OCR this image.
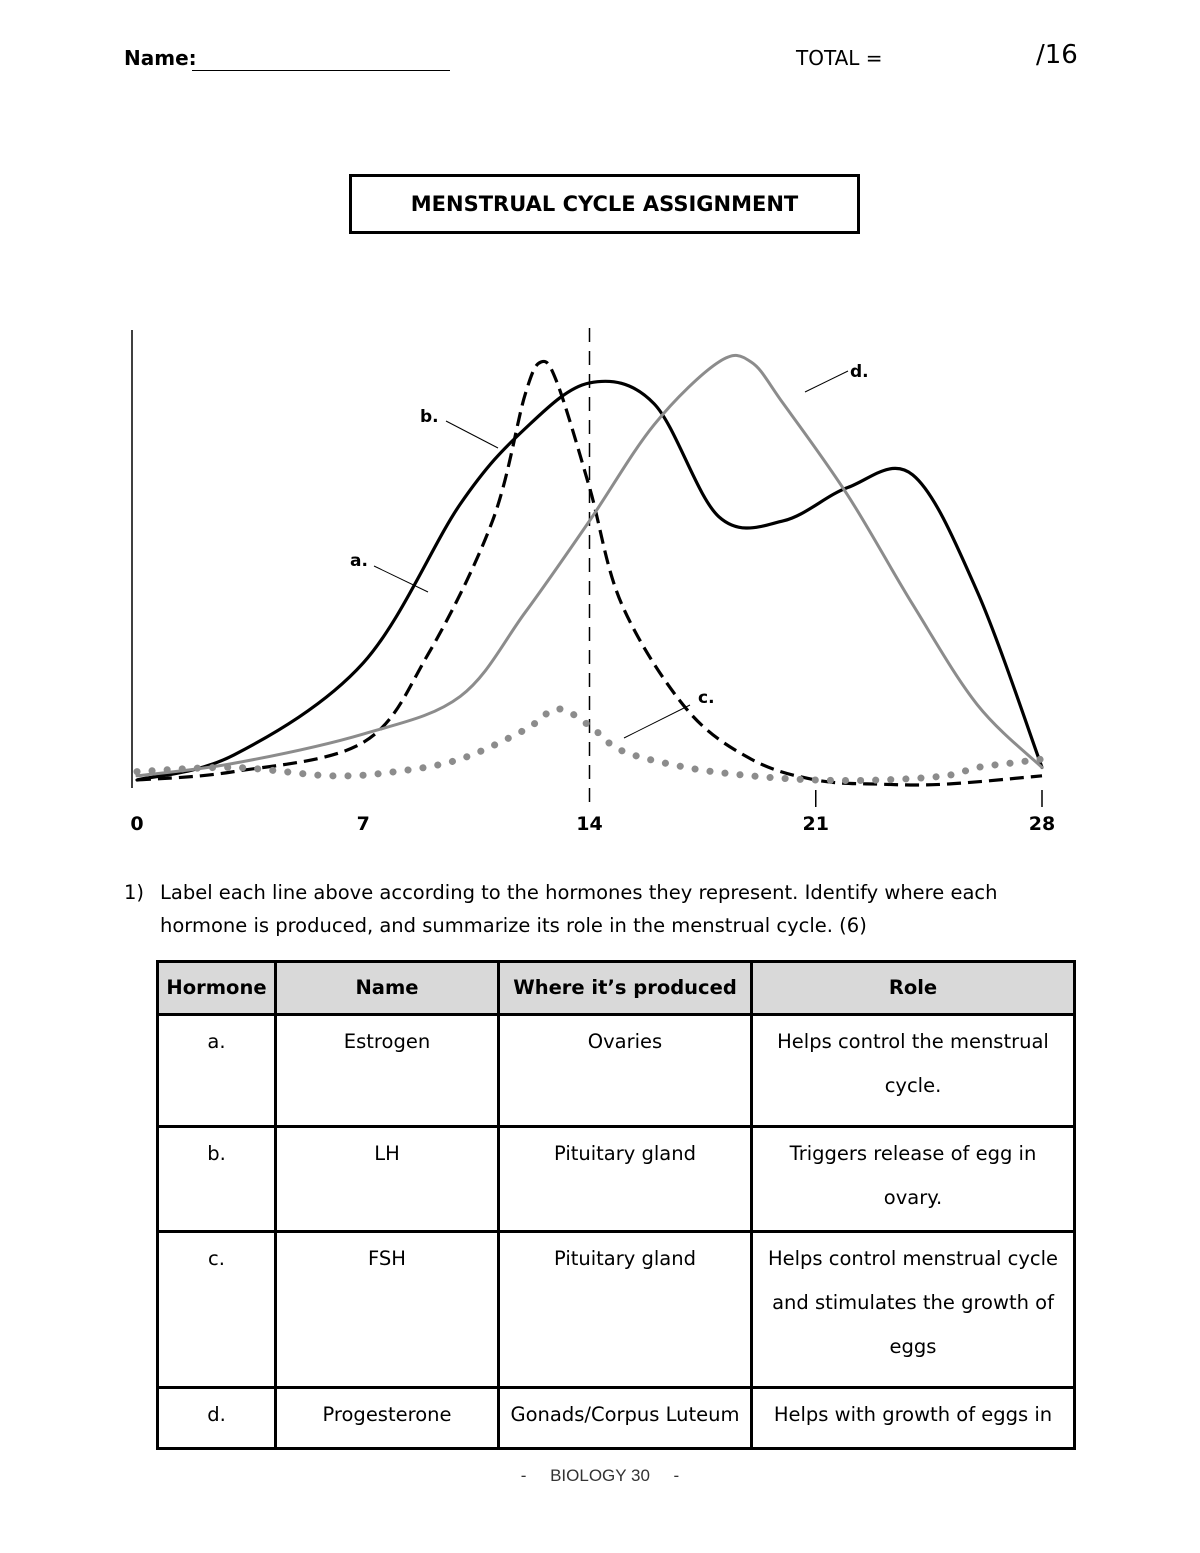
Name:	TOTAL =	/16
MENSTRUAL CYCLE ASSIGNMENT
0	7	14	21	28
a.
b.
c.
d.
1) Label each line above according to the hormones they represent. Identify where each hormone is produced, and summarize its role in the menstrual cycle. (6)
Hormone	Name	Where it’s produced	Role
a.	Estrogen	Ovaries	Helps control the menstrual cycle.
b.	LH	Pituitary gland	Triggers release of egg in ovary.
c.	FSH	Pituitary gland	Helps control menstrual cycle and stimulates the growth of eggs
d.	Progesterone	Gonads/Corpus Luteum	Helps with growth of eggs in
-     BIOLOGY 30     -
